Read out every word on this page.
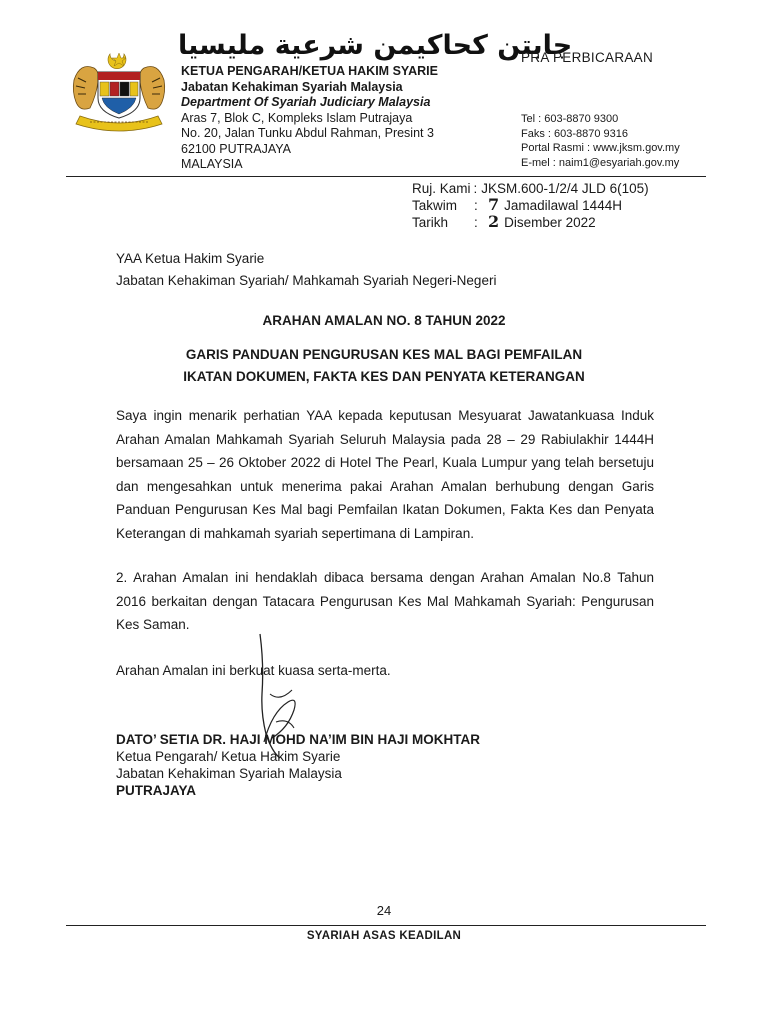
جابتن كحاكيمن شرعية مليسيا
KETUA PENGARAH/KETUA HAKIM SYARIE
Jabatan Kehakiman Syariah Malaysia
Department Of Syariah Judiciary Malaysia
Aras 7, Blok C, Kompleks Islam Putrajaya
No. 20, Jalan Tunku Abdul Rahman, Presint 3
62100 PUTRAJAYA
MALAYSIA
PRA PERBICARAAN
Tel : 603-8870 9300
Faks : 603-8870 9316
Portal Rasmi : www.jksm.gov.my
E-mel : naim1@esyariah.gov.my
Ruj. Kami : JKSM.600-1/2/4 JLD 6(105)
Takwim	: 7 Jamadilawal 1444H
Tarikh	: 2 Disember 2022
YAA Ketua Hakim Syarie
Jabatan Kehakiman Syariah/ Mahkamah Syariah Negeri-Negeri
ARAHAN AMALAN NO. 8 TAHUN 2022
GARIS PANDUAN PENGURUSAN KES MAL BAGI PEMFAILAN
IKATAN DOKUMEN, FAKTA KES DAN PENYATA KETERANGAN
Saya ingin menarik perhatian YAA kepada keputusan Mesyuarat Jawatankuasa Induk Arahan Amalan Mahkamah Syariah Seluruh Malaysia pada 28 – 29 Rabiulakhir 1444H bersamaan 25 – 26 Oktober 2022 di Hotel The Pearl, Kuala Lumpur yang telah bersetuju dan mengesahkan untuk menerima pakai Arahan Amalan berhubung dengan Garis Panduan Pengurusan Kes Mal bagi Pemfailan Ikatan Dokumen, Fakta Kes dan Penyata Keterangan di mahkamah syariah sepertimana di Lampiran.
2. Arahan Amalan ini hendaklah dibaca bersama dengan Arahan Amalan No.8 Tahun 2016 berkaitan dengan Tatacara Pengurusan Kes Mal Mahkamah Syariah: Pengurusan Kes Saman.
Arahan Amalan ini berkuat kuasa serta-merta.
DATO’ SETIA DR. HAJI MOHD NA’IM BIN HAJI MOKHTAR
Ketua Pengarah/ Ketua Hakim Syarie
Jabatan Kehakiman Syariah Malaysia
PUTRAJAYA
24
SYARIAH ASAS KEADILAN
